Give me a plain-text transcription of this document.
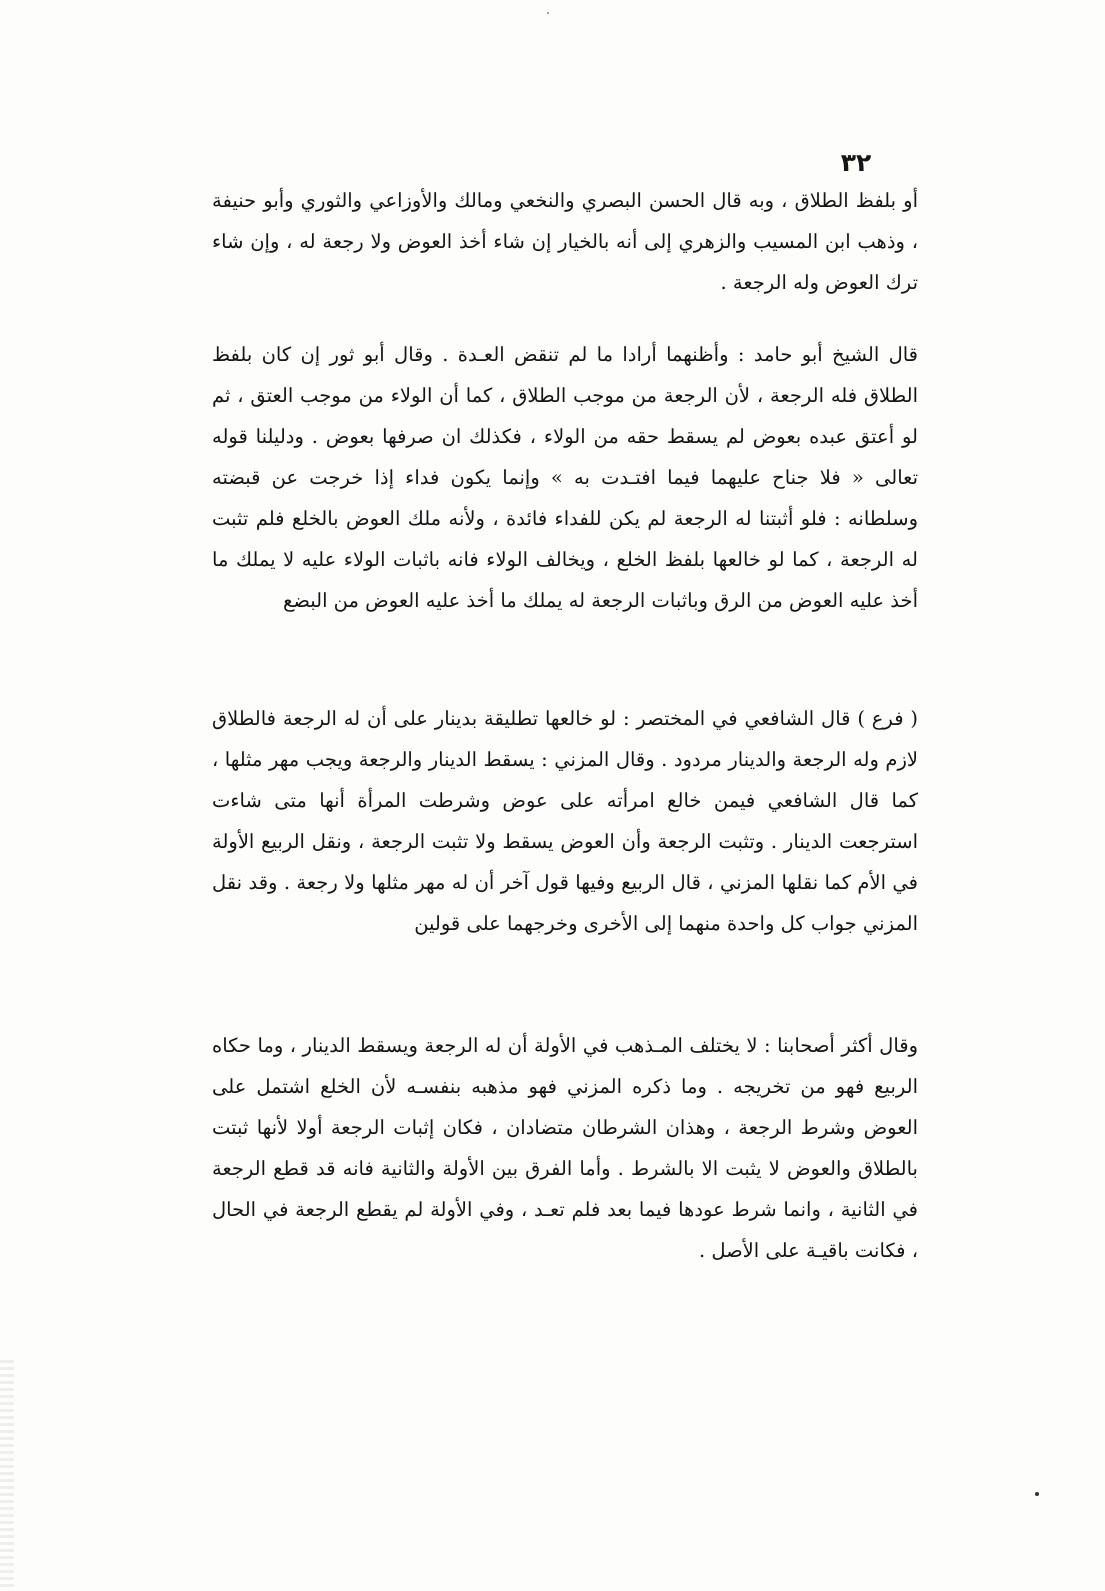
٣٢

أو بلفظ الطلاق ، وبه قال الحسن البصري والنخعي ومالك والأوزاعي والثوري وأبو حنيفة ، وذهب ابن المسيب والزهري إلى أنه بالخيار إن شاء أخذ العوض ولا رجعة له ، وإن شاء ترك العوض وله الرجعة .

قال الشيخ أبو حامد : وأظنهما أرادا ما لم تنقض العـدة . وقال أبو ثور إن كان بلفظ الطلاق فله الرجعة ، لأن الرجعة من موجب الطلاق ، كما أن الولاء من موجب العتق ، ثم لو أعتق عبده بعوض لم يسقط حقه من الولاء ، فكذلك ان صرفها بعوض . ودليلنا قوله تعالى « فلا جناح عليهما فيما افتـدت به » وإنما يكون فداء إذا خرجت عن قبضته وسلطانه : فلو أثبتنا له الرجعة لم يكن للفداء فائدة ، ولأنه ملك العوض بالخلع فلم تثبت له الرجعة ، كما لو خالعها بلفظ الخلع ، ويخالف الولاء فانه باثبات الولاء عليه لا يملك ما أخذ عليه العوض من الرق وباثبات الرجعة له يملك ما أخذ عليه العوض من البضع

( فرع ) قال الشافعي في المختصر : لو خالعها تطليقة بدينار على أن له الرجعة فالطلاق لازم وله الرجعة والدينار مردود . وقال المزني : يسقط الدينار والرجعة ويجب مهر مثلها ، كما قال الشافعي فيمن خالع امرأته على عوض وشرطت المرأة أنها متى شاءت استرجعت الدينار . وتثبت الرجعة وأن العوض يسقط ولا تثبت الرجعة ، ونقل الربيع الأولة في الأم كما نقلها المزني ، قال الربيع وفيها قول آخر أن له مهر مثلها ولا رجعة . وقد نقل المزني جواب كل واحدة منهما إلى الأخرى وخرجهما على قولين

وقال أكثر أصحابنا : لا يختلف المـذهب في الأولة أن له الرجعة ويسقط الدينار ، وما حكاه الربيع فهو من تخريجه . وما ذكره المزني فهو مذهبه بنفسـه لأن الخلع اشتمل على العوض وشرط الرجعة ، وهذان الشرطان متضادان ، فكان إثبات الرجعة أولا لأنها ثبتت بالطلاق والعوض لا يثبت الا بالشرط . وأما الفرق بين الأولة والثانية فانه قد قطع الرجعة في الثانية ، وانما شرط عودها فيما بعد فلم تعـد ، وفي الأولة لم يقطع الرجعة في الحال ، فكانت باقيـة على الأصل .
